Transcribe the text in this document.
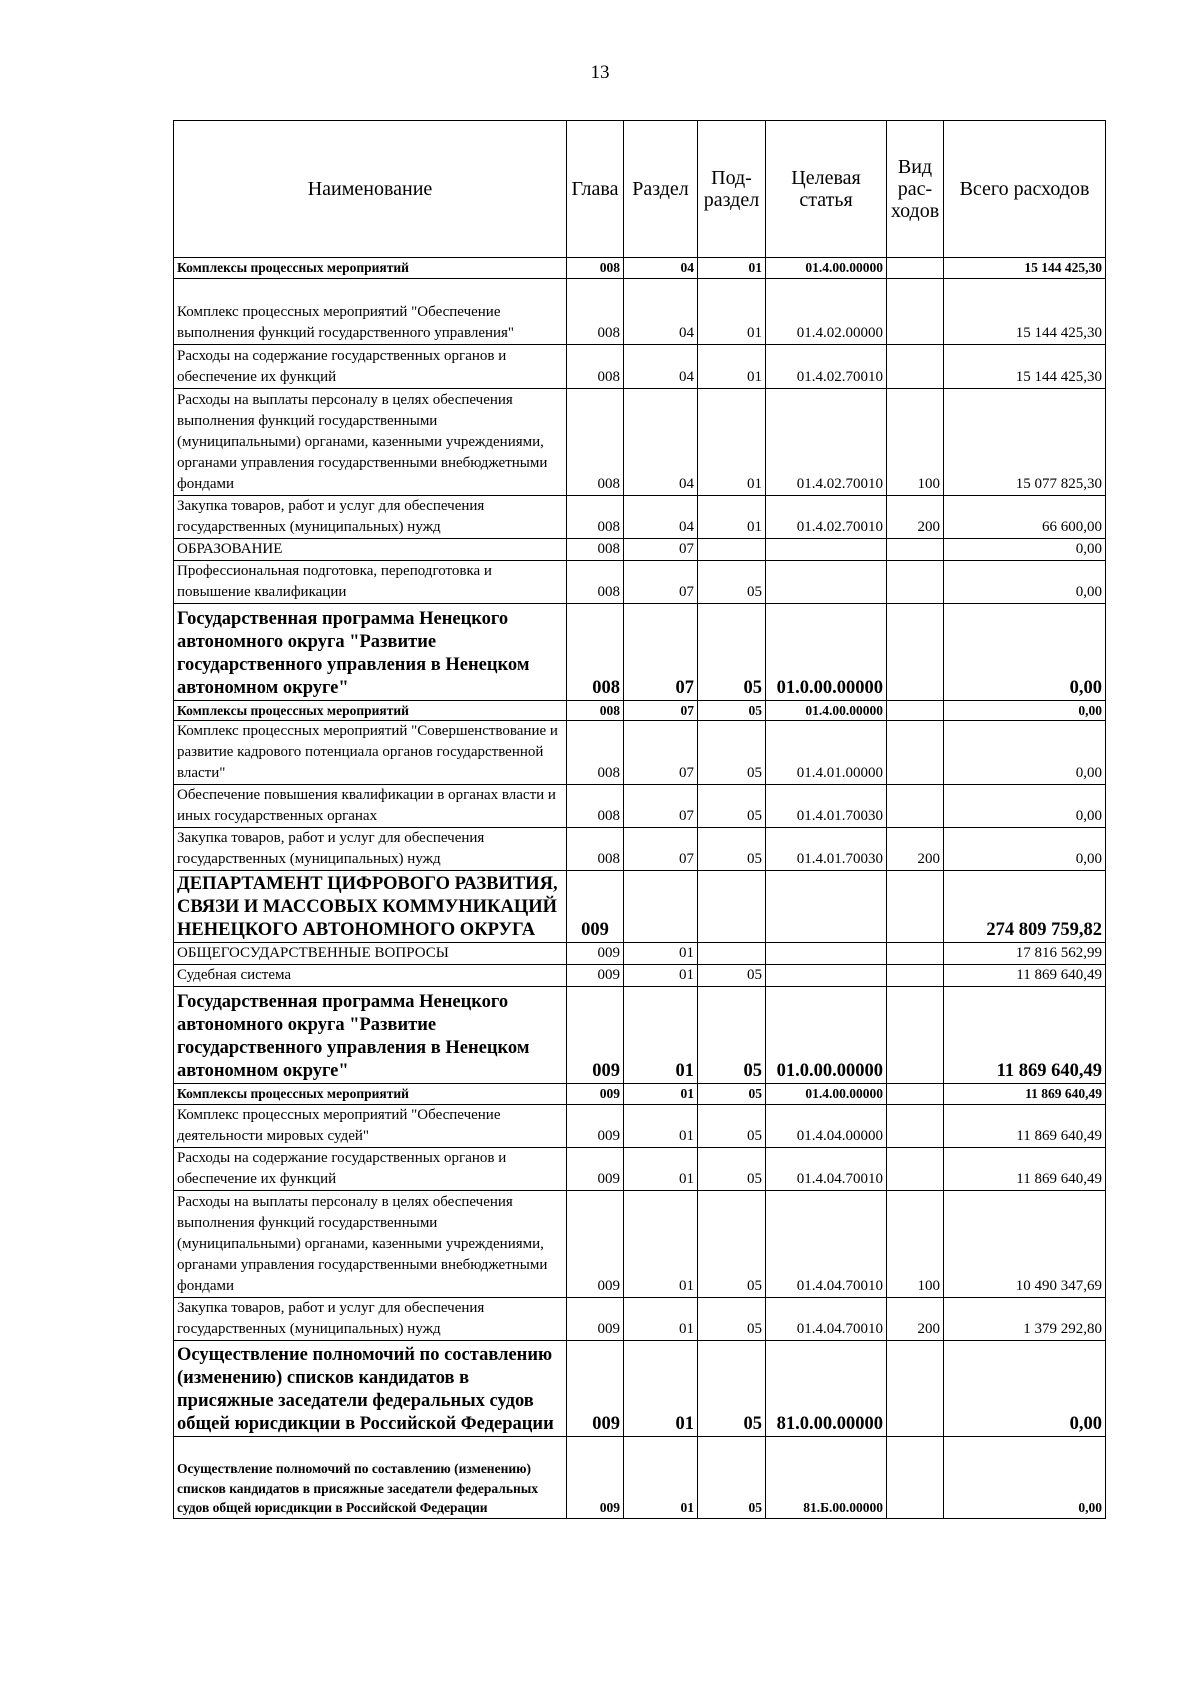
13
Наименование	Глава	Раздел	Под-раздел	Целевая статья	Вид рас-ходов	Всего расходов
Комплексы процессных мероприятий	008	04	01	01.4.00.00000		15 144 425,30
Комплекс процессных мероприятий "Обеспечение выполнения функций государственного управления"	008	04	01	01.4.02.00000		15 144 425,30
Расходы на содержание государственных органов и обеспечение их функций	008	04	01	01.4.02.70010		15 144 425,30
Расходы на выплаты персоналу в целях обеспечения выполнения функций государственными (муниципальными) органами, казенными учреждениями, органами управления государственными внебюджетными фондами	008	04	01	01.4.02.70010	100	15 077 825,30
Закупка товаров, работ и услуг для обеспечения государственных (муниципальных) нужд	008	04	01	01.4.02.70010	200	66 600,00
ОБРАЗОВАНИЕ	008	07				0,00
Профессиональная подготовка, переподготовка и повышение квалификации	008	07	05			0,00
Государственная программа Ненецкого автономного округа "Развитие государственного управления в Ненецком автономном округе"	008	07	05	01.0.00.00000		0,00
Комплексы процессных мероприятий	008	07	05	01.4.00.00000		0,00
Комплекс процессных мероприятий "Совершенствование и развитие кадрового потенциала органов государственной власти"	008	07	05	01.4.01.00000		0,00
Обеспечение повышения квалификации в органах власти и иных государственных органах	008	07	05	01.4.01.70030		0,00
Закупка товаров, работ и услуг для обеспечения государственных (муниципальных) нужд	008	07	05	01.4.01.70030	200	0,00
ДЕПАРТАМЕНТ ЦИФРОВОГО РАЗВИТИЯ, СВЯЗИ И МАССОВЫХ КОММУНИКАЦИЙ НЕНЕЦКОГО АВТОНОМНОГО ОКРУГА	009					274 809 759,82
ОБЩЕГОСУДАРСТВЕННЫЕ ВОПРОСЫ	009	01				17 816 562,99
Судебная система	009	01	05			11 869 640,49
Государственная программа Ненецкого автономного округа "Развитие государственного управления в Ненецком автономном округе"	009	01	05	01.0.00.00000		11 869 640,49
Комплексы процессных мероприятий	009	01	05	01.4.00.00000		11 869 640,49
Комплекс процессных мероприятий "Обеспечение деятельности мировых судей"	009	01	05	01.4.04.00000		11 869 640,49
Расходы на содержание государственных органов и обеспечение их функций	009	01	05	01.4.04.70010		11 869 640,49
Расходы на выплаты персоналу в целях обеспечения выполнения функций государственными (муниципальными) органами, казенными учреждениями, органами управления государственными внебюджетными фондами	009	01	05	01.4.04.70010	100	10 490 347,69
Закупка товаров, работ и услуг для обеспечения государственных (муниципальных) нужд	009	01	05	01.4.04.70010	200	1 379 292,80
Осуществление полномочий по составлению (изменению) списков кандидатов в присяжные заседатели федеральных судов общей юрисдикции в Российской Федерации	009	01	05	81.0.00.00000		0,00
Осуществление полномочий по составлению (изменению) списков кандидатов в присяжные заседатели федеральных судов общей юрисдикции в Российской Федерации	009	01	05	81.Б.00.00000		0,00
